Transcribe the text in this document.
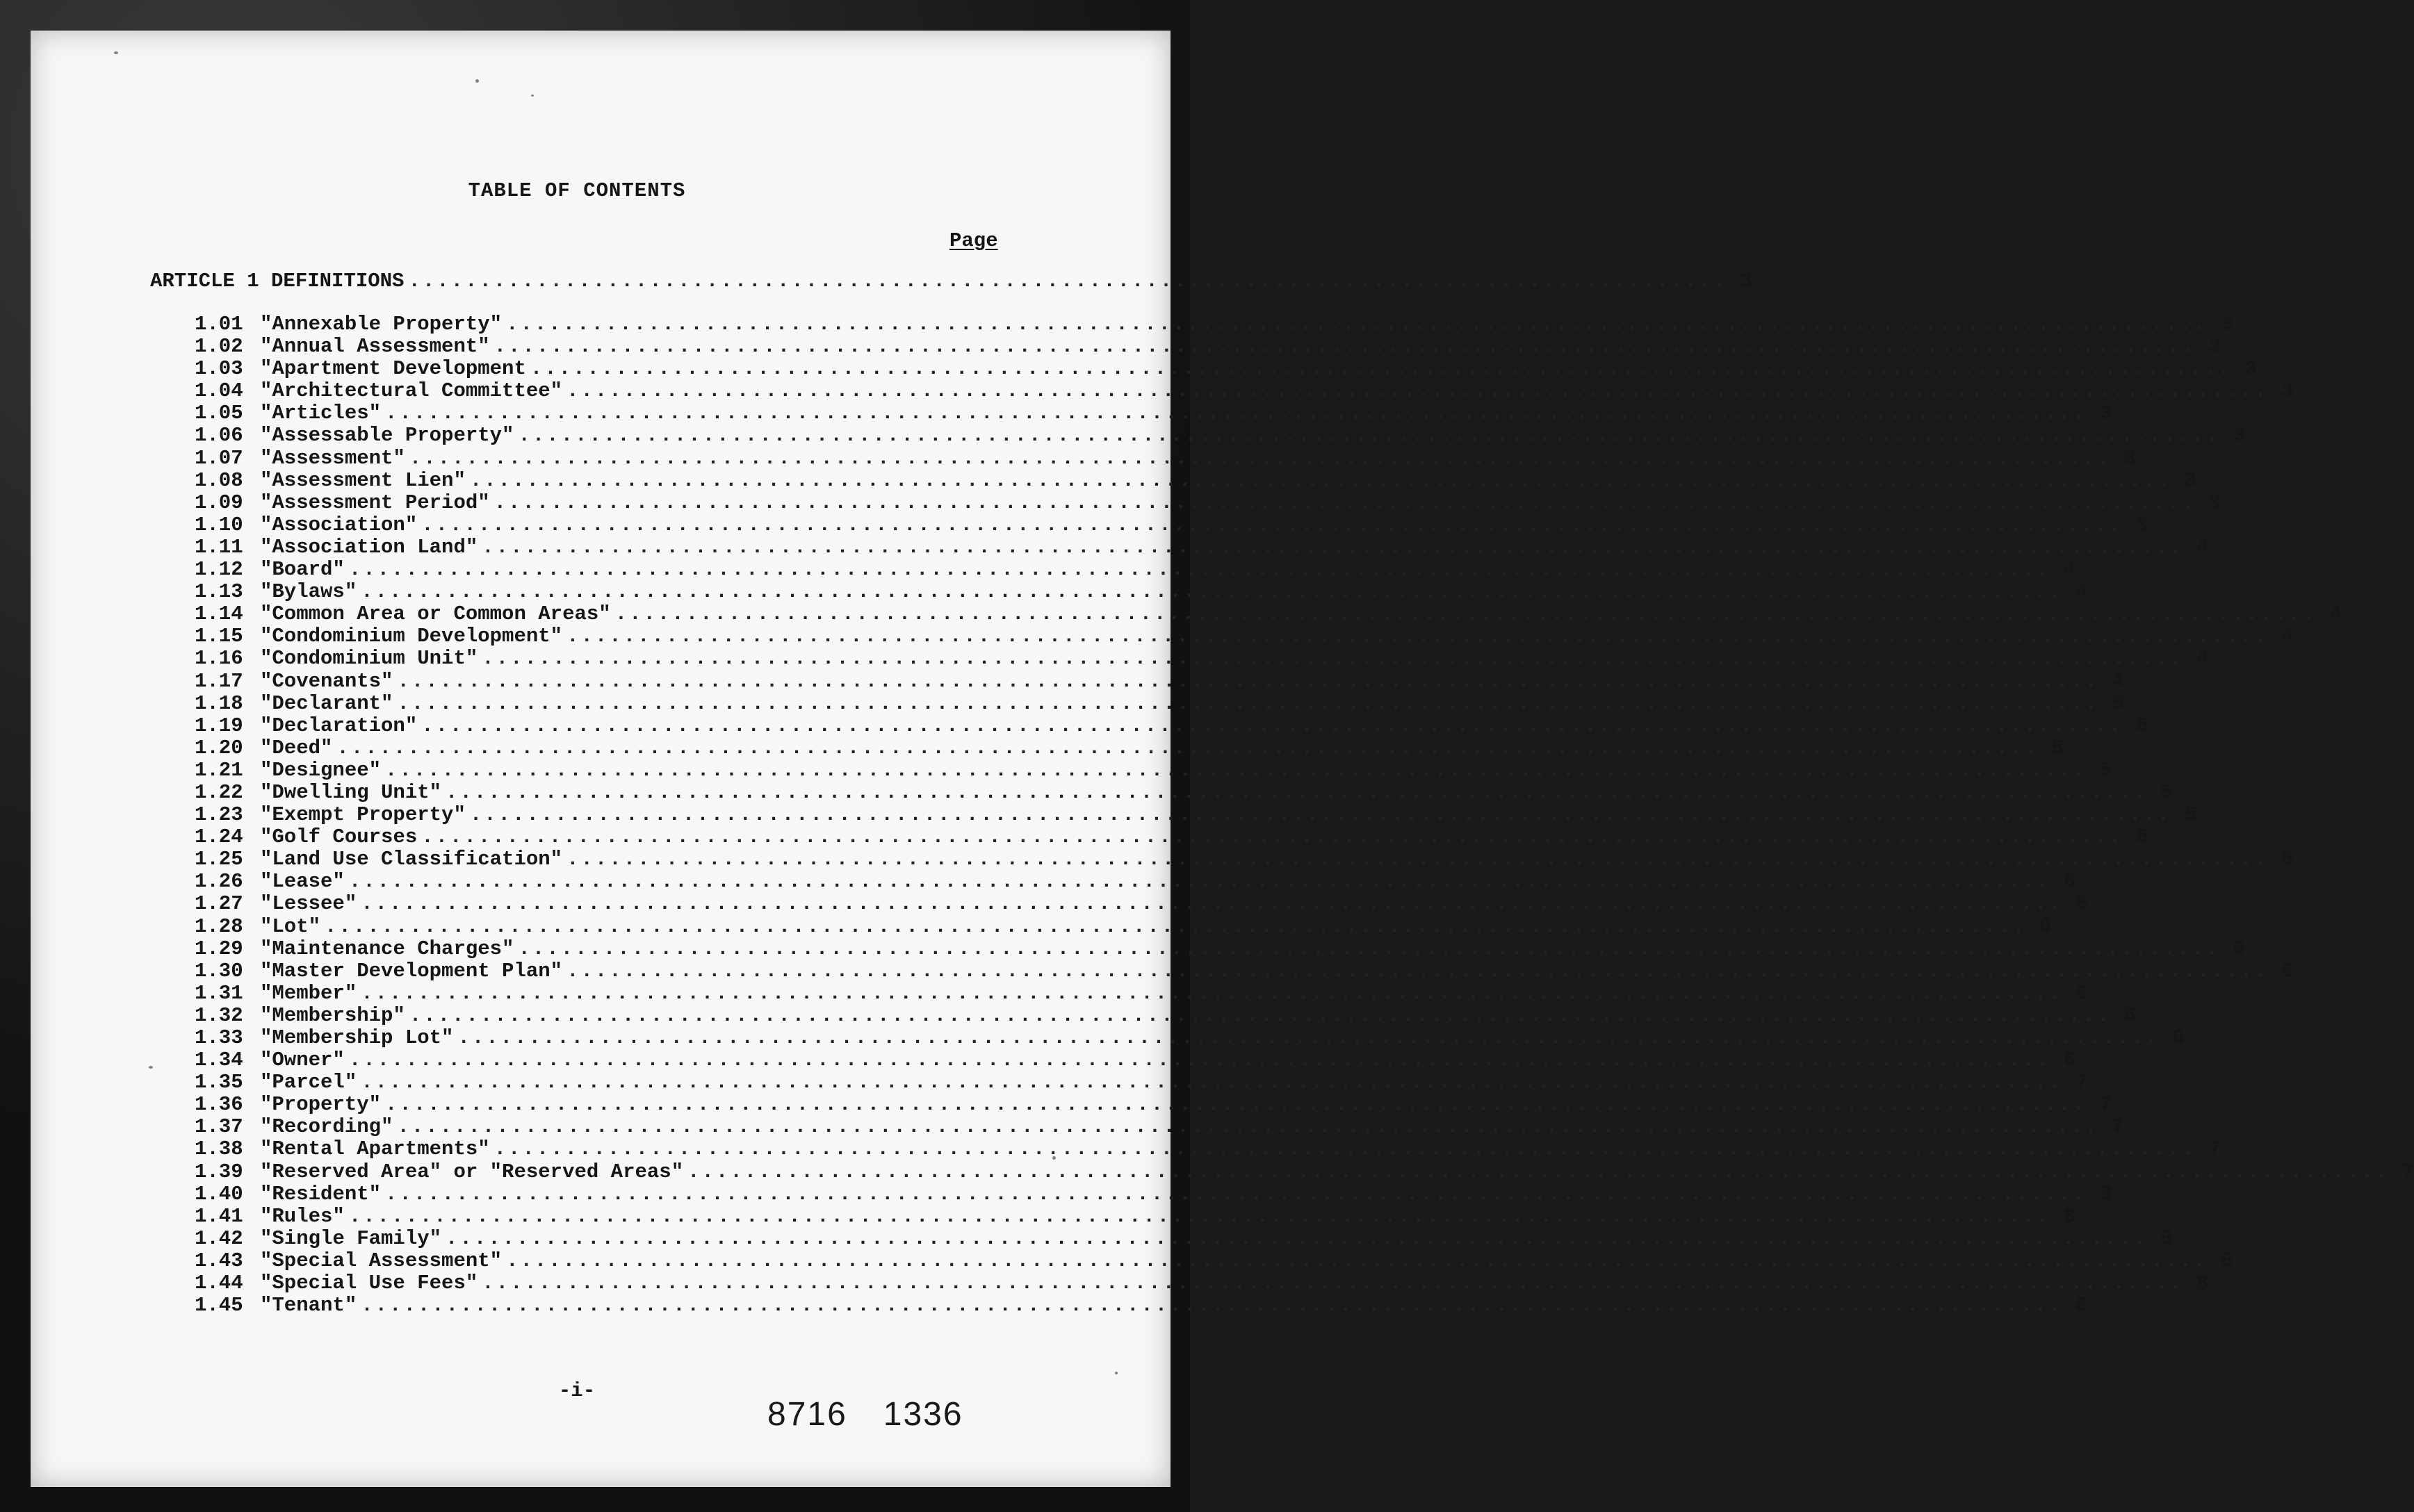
TABLE OF CONTENTS
Page
ARTICLE 1 DEFINITIONS ............................................................................................. 3
1.01 "Annexable Property" ........................................................................................................................ 3
1.02 "Annual Assessment" ........................................................................................................................ 3
1.03 "Apartment Development ........................................................................................................................ 3
1.04 "Architectural Committee" ........................................................................................................................ 3
1.05 "Articles" ........................................................................................................................ 3
1.06 "Assessable Property" ........................................................................................................................ 3
1.07 "Assessment" ........................................................................................................................ 3
1.08 "Assessment Lien" ........................................................................................................................ 3
1.09 "Assessment Period" ........................................................................................................................ 3
1.10 "Association" ........................................................................................................................ 3
1.11 "Association Land" ........................................................................................................................ 4
1.12 "Board" ........................................................................................................................ 4
1.13 "Bylaws" ........................................................................................................................ 4
1.14 "Common Area or Common Areas" ........................................................................................................................ 4
1.15 "Condominium Development" ........................................................................................................................ 4
1.16 "Condominium Unit" ........................................................................................................................ 4
1.17 "Covenants" ........................................................................................................................ 4
1.18 "Declarant" ........................................................................................................................ 5
1.19 "Declaration" ........................................................................................................................ 5
1.20 "Deed" ........................................................................................................................ 5
1.21 "Designee" ........................................................................................................................ 5
1.22 "Dwelling Unit" ........................................................................................................................ 5
1.23 "Exempt Property" ........................................................................................................................ 5
1.24 "Golf Courses ........................................................................................................................ 5
1.25 "Land Use Classification" ........................................................................................................................ 6
1.26 "Lease" ........................................................................................................................ 6
1.27 "Lessee" ........................................................................................................................ 6
1.28 "Lot" ........................................................................................................................ 6
1.29 "Maintenance Charges" ........................................................................................................................ 6
1.30 "Master Development Plan" ........................................................................................................................ 6
1.31 "Member" ........................................................................................................................ 6
1.32 "Membership" ........................................................................................................................ 6
1.33 "Membership Lot" ........................................................................................................................ 6
1.34 "Owner" ........................................................................................................................ 6
1.35 "Parcel" ........................................................................................................................ 7
1.36 "Property" ........................................................................................................................ 7
1.37 "Recording" ........................................................................................................................ 7
1.38 "Rental Apartments" ........................................................................................................................ 7
1.39 "Reserved Area" or "Reserved Areas" ........................................................................................................................ 7
1.40 "Resident" ........................................................................................................................ 8
1.41 "Rules" ........................................................................................................................ 8
1.42 "Single Family" ........................................................................................................................ 8
1.43 "Special Assessment" ........................................................................................................................ 8
1.44 "Special Use Fees" ........................................................................................................................ 8
1.45 "Tenant" ........................................................................................................................ 8
-i-
8716 1336
